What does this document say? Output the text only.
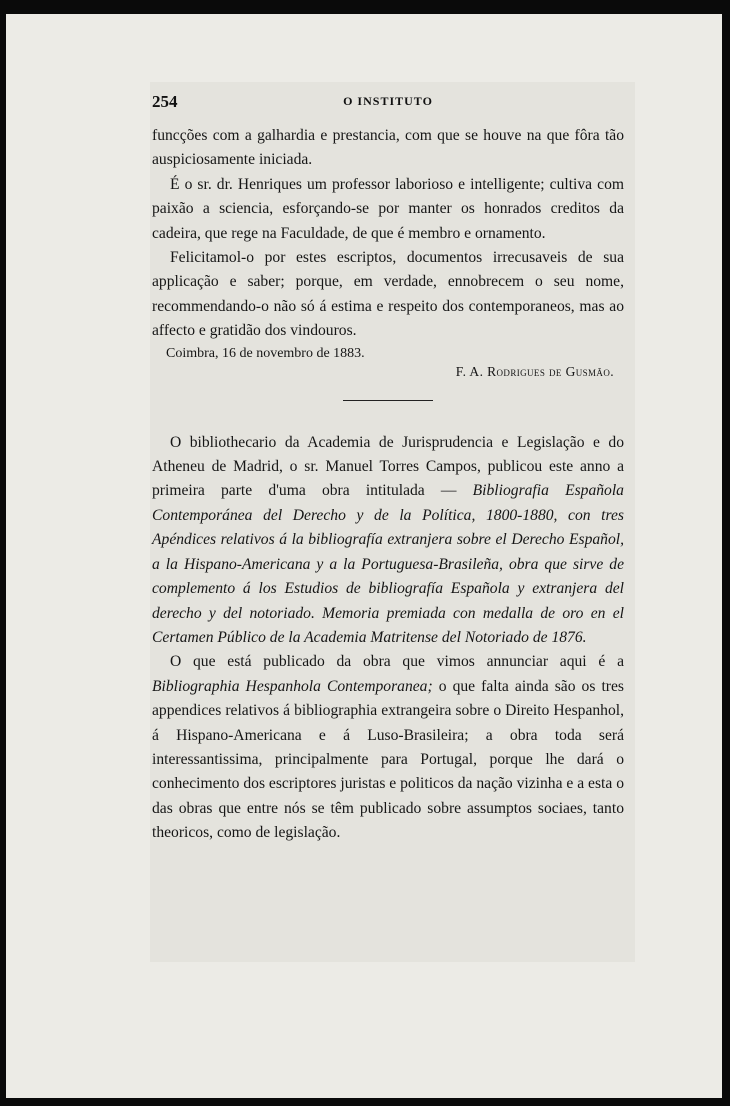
254	O INSTITUTO

funcções com a galhardia e prestancia, com que se houve na que fôra tão auspiciosamente iniciada.

É o sr. dr. Henriques um professor laborioso e intelligente; cultiva com paixão a sciencia, esforçando-se por manter os honrados creditos da cadeira, que rege na Faculdade, de que é membro e ornamento.

Felicitamol-o por estes escriptos, documentos irrecusaveis de sua applicação e saber; porque, em verdade, ennobrecem o seu nome, recommendando-o não só á estima e respeito dos contemporaneos, mas ao affecto e gratidão dos vindouros.

Coimbra, 16 de novembro de 1883.

F. A. Rodrigues de Gusmão.

O bibliothecario da Academia de Jurisprudencia e Legislação e do Atheneu de Madrid, o sr. Manuel Torres Campos, publicou este anno a primeira parte d'uma obra intitulada — Bibliografia Española Contemporánea del Derecho y de la Política, 1800-1880, con tres Apéndices relativos á la bibliografía extranjera sobre el Derecho Español, a la Hispano-Americana y a la Portuguesa-Brasileña, obra que sirve de complemento á los Estudios de bibliografía Española y extranjera del derecho y del notoriado. Memoria premiada con medalla de oro en el Certamen Público de la Academia Matritense del Notoriado de 1876.

O que está publicado da obra que vimos annunciar aqui é a Bibliographia Hespanhola Contemporanea; o que falta ainda são os tres appendices relativos á bibliographia extrangeira sobre o Direito Hespanhol, á Hispano-Americana e á Luso-Brasileira; a obra toda será interessantissima, principalmente para Portugal, porque lhe dará o conhecimento dos escriptores juristas e politicos da nação vizinha e a esta o das obras que entre nós se têm publicado sobre assumptos sociaes, tanto theoricos, como de legislação.
